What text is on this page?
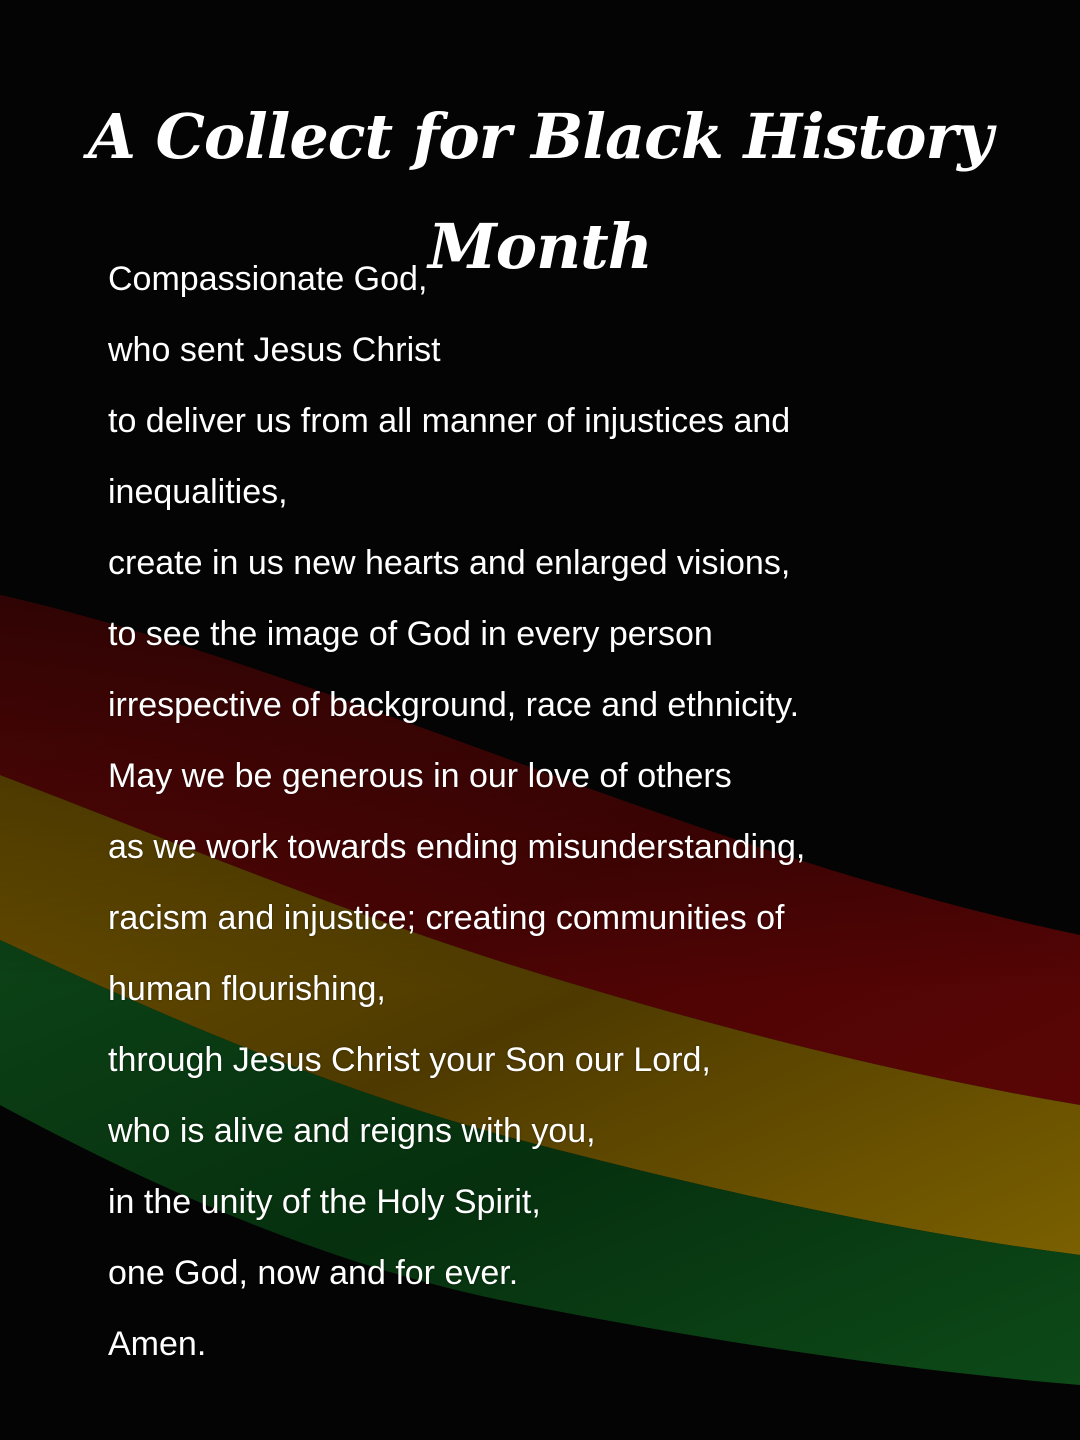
A Collect for Black History Month
Compassionate God,
who sent Jesus Christ
to deliver us from all manner of injustices and
inequalities,
create in us new hearts and enlarged visions,
to see the image of God in every person
irrespective of background, race and ethnicity.
May we be generous in our love of others
as we work towards ending misunderstanding,
racism and injustice; creating communities of
human flourishing,
through Jesus Christ your Son our Lord,
who is alive and reigns with you,
in the unity of the Holy Spirit,
one God, now and for ever.
Amen.
